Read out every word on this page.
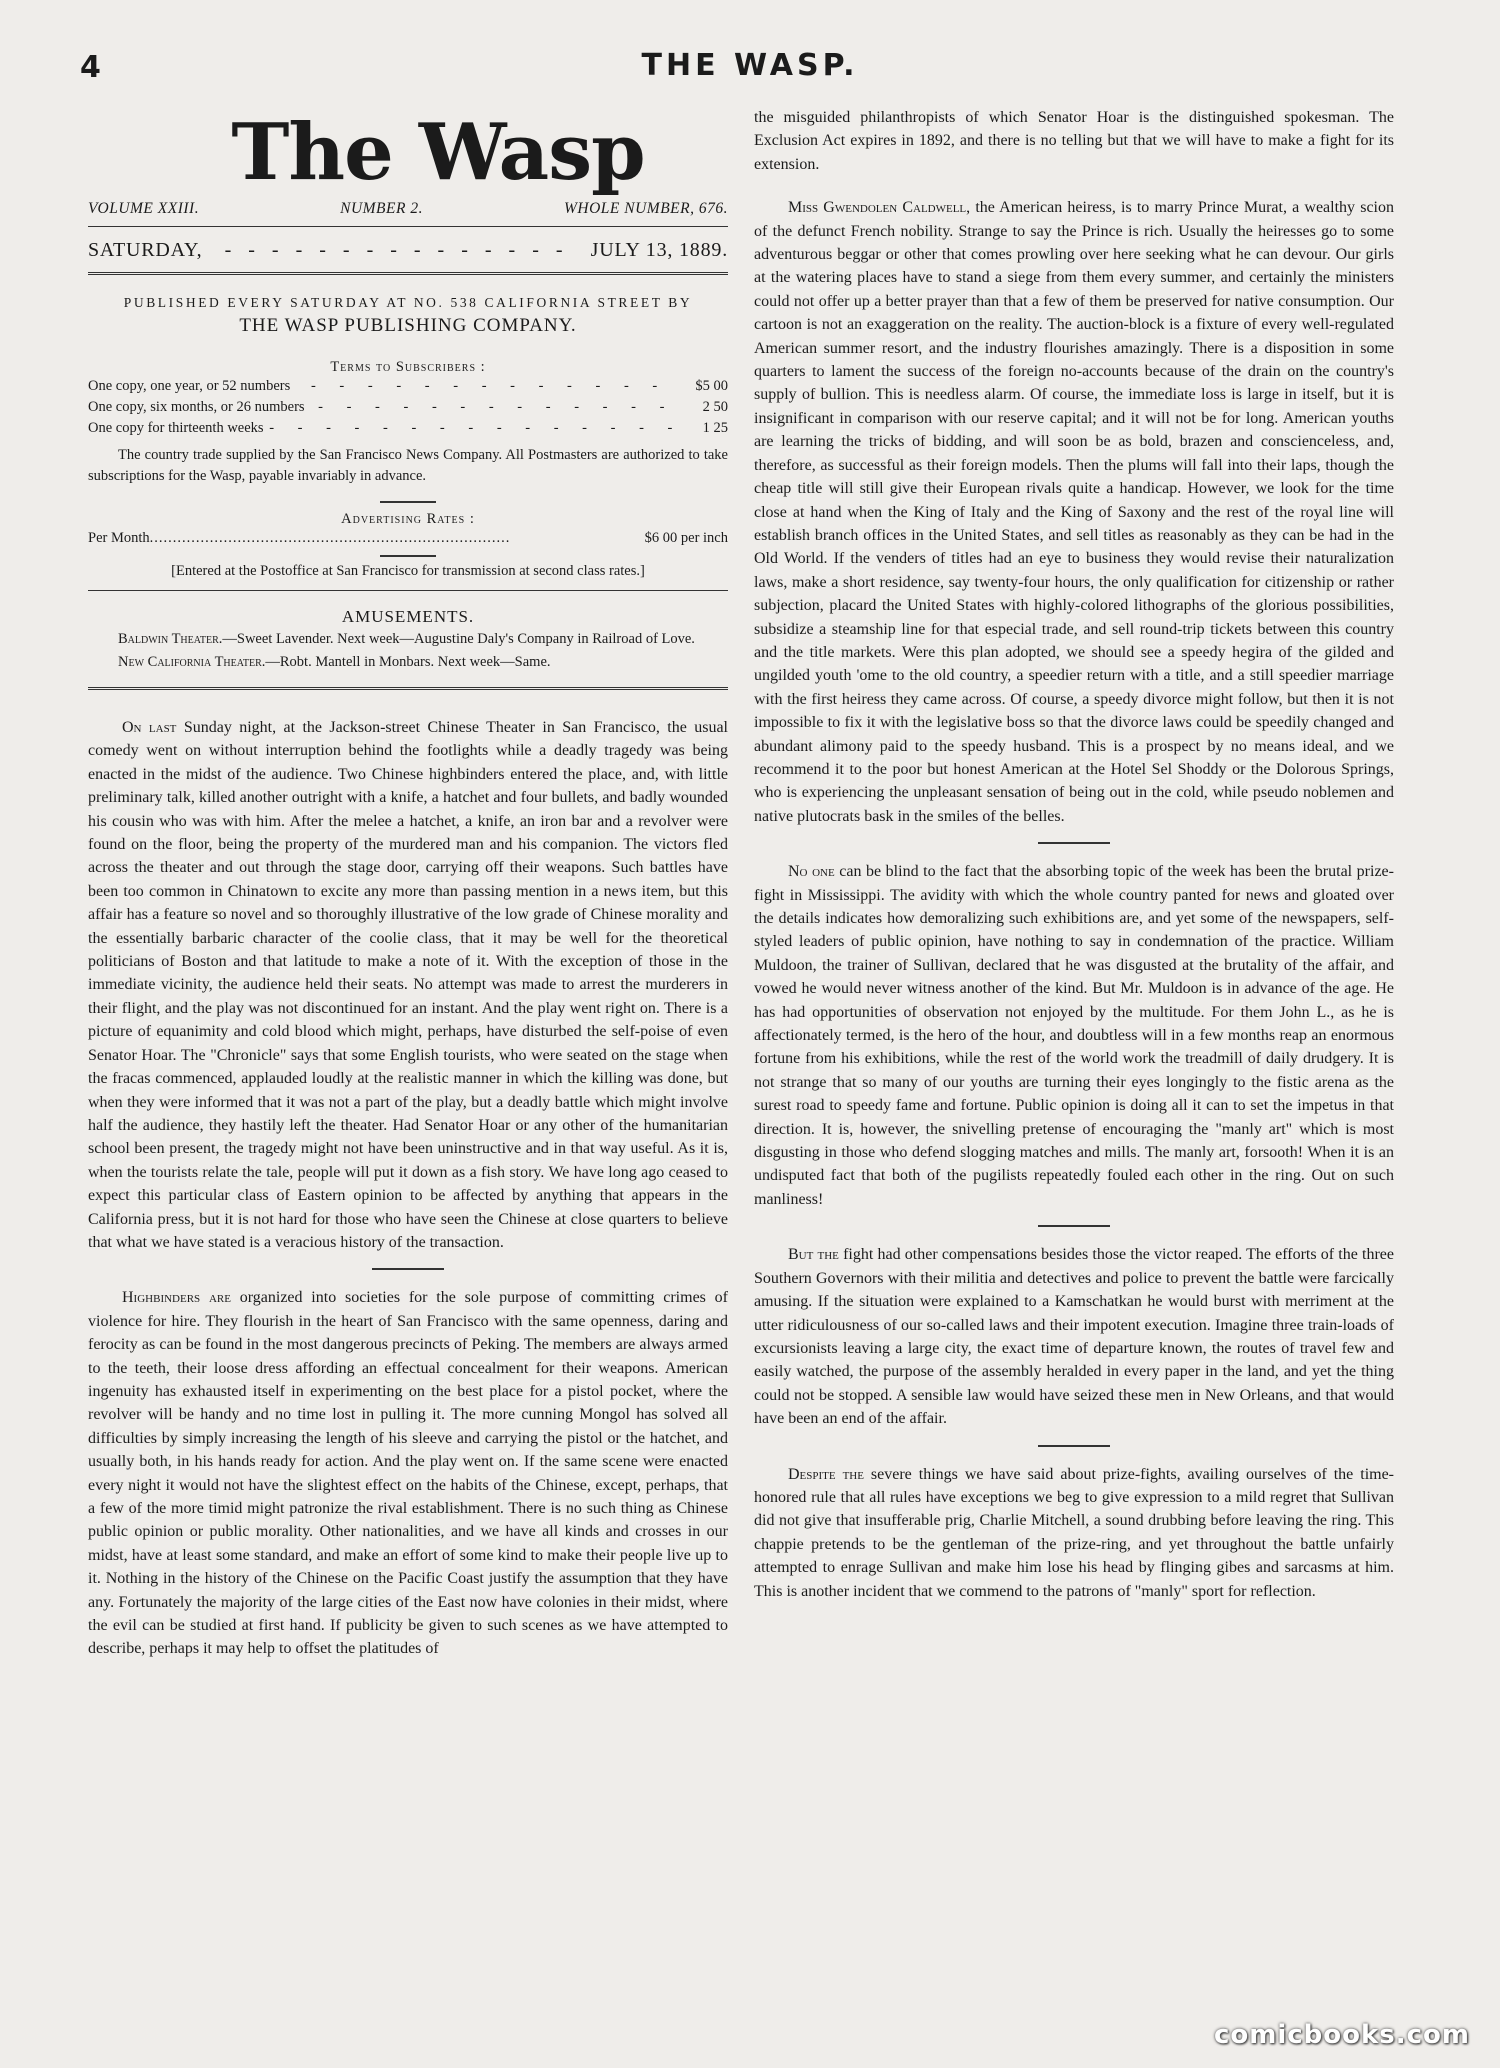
4	THE WASP.
The Wasp
VOLUME XXIII.	NUMBER 2.	WHOLE NUMBER, 676.
SATURDAY,	- - - - - - - - - - - - - - -	JULY 13, 1889.
PUBLISHED EVERY SATURDAY AT NO. 538 CALIFORNIA STREET BY
THE WASP PUBLISHING COMPANY.
Terms to Subscribers :
One copy, one year, or 52 numbers	- - - - - - - - - - - - -	$5 00
One copy, six months, or 26 numbers - - - - - - - - - - - - -	2 50
One copy for thirteenth weeks - - - - - - - - - - - - - - -	1 25

The country trade supplied by the San Francisco News Company. All Postmasters are authorized to take subscriptions for the Wasp, payable invariably in advance.

Advertising Rates :
Per Month ..............................................................................	$6 00 per inch
[Entered at the Postoffice at San Francisco for transmission at second class rates.]
AMUSEMENTS.

Baldwin Theater.—Sweet Lavender. Next week—Augustine Daly's Company in Railroad of Love.

New California Theater.—Robt. Mantell in Monbars. Next week—Same.

On last Sunday night, at the Jackson-street Chinese Theater in San Francisco, the usual comedy went on without interruption behind the footlights while a deadly tragedy was being enacted in the midst of the audience. Two Chinese highbinders entered the place, and, with little preliminary talk, killed another outright with a knife, a hatchet and four bullets, and badly wounded his cousin who was with him. After the melee a hatchet, a knife, an iron bar and a revolver were found on the floor, being the property of the murdered man and his companion. The victors fled across the theater and out through the stage door, carrying off their weapons. Such battles have been too common in Chinatown to excite any more than passing mention in a news item, but this affair has a feature so novel and so thoroughly illustrative of the low grade of Chinese morality and the essentially barbaric character of the coolie class, that it may be well for the theoretical politicians of Boston and that latitude to make a note of it. With the exception of those in the immediate vicinity, the audience held their seats. No attempt was made to arrest the murderers in their flight, and the play was not discontinued for an instant. And the play went right on. There is a picture of equanimity and cold blood which might, perhaps, have disturbed the self-poise of even Senator Hoar. The "Chronicle" says that some English tourists, who were seated on the stage when the fracas commenced, applauded loudly at the realistic manner in which the killing was done, but when they were informed that it was not a part of the play, but a deadly battle which might involve half the audience, they hastily left the theater. Had Senator Hoar or any other of the humanitarian school been present, the tragedy might not have been uninstructive and in that way useful. As it is, when the tourists relate the tale, people will put it down as a fish story. We have long ago ceased to expect this particular class of Eastern opinion to be affected by anything that appears in the California press, but it is not hard for those who have seen the Chinese at close quarters to believe that what we have stated is a veracious history of the transaction.

Highbinders are organized into societies for the sole purpose of committing crimes of violence for hire. They flourish in the heart of San Francisco with the same openness, daring and ferocity as can be found in the most dangerous precincts of Peking. The members are always armed to the teeth, their loose dress affording an effectual concealment for their weapons. American ingenuity has exhausted itself in experimenting on the best place for a pistol pocket, where the revolver will be handy and no time lost in pulling it. The more cunning Mongol has solved all difficulties by simply increasing the length of his sleeve and carrying the pistol or the hatchet, and usually both, in his hands ready for action. And the play went on. If the same scene were enacted every night it would not have the slightest effect on the habits of the Chinese, except, perhaps, that a few of the more timid might patronize the rival establishment. There is no such thing as Chinese public opinion or public morality. Other nationalities, and we have all kinds and crosses in our midst, have at least some standard, and make an effort of some kind to make their people live up to it. Nothing in the history of the Chinese on the Pacific Coast justify the assumption that they have any. Fortunately the majority of the large cities of the East now have colonies in their midst, where the evil can be studied at first hand. If publicity be given to such scenes as we have attempted to describe, perhaps it may help to offset the platitudes of

the misguided philanthropists of which Senator Hoar is the distinguished spokesman. The Exclusion Act expires in 1892, and there is no telling but that we will have to make a fight for its extension.

Miss Gwendolen Caldwell, the American heiress, is to marry Prince Murat, a wealthy scion of the defunct French nobility. Strange to say the Prince is rich. Usually the heiresses go to some adventurous beggar or other that comes prowling over here seeking what he can devour. Our girls at the watering places have to stand a siege from them every summer, and certainly the ministers could not offer up a better prayer than that a few of them be preserved for native consumption. Our cartoon is not an exaggeration on the reality. The auction-block is a fixture of every well-regulated American summer resort, and the industry flourishes amazingly. There is a disposition in some quarters to lament the success of the foreign no-accounts because of the drain on the country's supply of bullion. This is needless alarm. Of course, the immediate loss is large in itself, but it is insignificant in comparison with our reserve capital; and it will not be for long. American youths are learning the tricks of bidding, and will soon be as bold, brazen and conscienceless, and, therefore, as successful as their foreign models. Then the plums will fall into their laps, though the cheap title will still give their European rivals quite a handicap. However, we look for the time close at hand when the King of Italy and the King of Saxony and the rest of the royal line will establish branch offices in the United States, and sell titles as reasonably as they can be had in the Old World. If the venders of titles had an eye to business they would revise their naturalization laws, make a short residence, say twenty-four hours, the only qualification for citizenship or rather subjection, placard the United States with highly-colored lithographs of the glorious possibilities, subsidize a steamship line for that especial trade, and sell round-trip tickets between this country and the title markets. Were this plan adopted, we should see a speedy hegira of the gilded and ungilded youth 'ome to the old country, a speedier return with a title, and a still speedier marriage with the first heiress they came across. Of course, a speedy divorce might follow, but then it is not impossible to fix it with the legislative boss so that the divorce laws could be speedily changed and abundant alimony paid to the speedy husband. This is a prospect by no means ideal, and we recommend it to the poor but honest American at the Hotel Sel Shoddy or the Dolorous Springs, who is experiencing the unpleasant sensation of being out in the cold, while pseudo noblemen and native plutocrats bask in the smiles of the belles.

No one can be blind to the fact that the absorbing topic of the week has been the brutal prize-fight in Mississippi. The avidity with which the whole country panted for news and gloated over the details indicates how demoralizing such exhibitions are, and yet some of the newspapers, self-styled leaders of public opinion, have nothing to say in condemnation of the practice. William Muldoon, the trainer of Sullivan, declared that he was disgusted at the brutality of the affair, and vowed he would never witness another of the kind. But Mr. Muldoon is in advance of the age. He has had opportunities of observation not enjoyed by the multitude. For them John L., as he is affectionately termed, is the hero of the hour, and doubtless will in a few months reap an enormous fortune from his exhibitions, while the rest of the world work the treadmill of daily drudgery. It is not strange that so many of our youths are turning their eyes longingly to the fistic arena as the surest road to speedy fame and fortune. Public opinion is doing all it can to set the impetus in that direction. It is, however, the snivelling pretense of encouraging the "manly art" which is most disgusting in those who defend slogging matches and mills. The manly art, forsooth! When it is an undisputed fact that both of the pugilists repeatedly fouled each other in the ring. Out on such manliness!

But the fight had other compensations besides those the victor reaped. The efforts of the three Southern Governors with their militia and detectives and police to prevent the battle were farcically amusing. If the situation were explained to a Kamschatkan he would burst with merriment at the utter ridiculousness of our so-called laws and their impotent execution. Imagine three train-loads of excursionists leaving a large city, the exact time of departure known, the routes of travel few and easily watched, the purpose of the assembly heralded in every paper in the land, and yet the thing could not be stopped. A sensible law would have seized these men in New Orleans, and that would have been an end of the affair.

Despite the severe things we have said about prize-fights, availing ourselves of the time-honored rule that all rules have exceptions we beg to give expression to a mild regret that Sullivan did not give that insufferable prig, Charlie Mitchell, a sound drubbing before leaving the ring. This chappie pretends to be the gentleman of the prize-ring, and yet throughout the battle unfairly attempted to enrage Sullivan and make him lose his head by flinging gibes and sarcasms at him. This is another incident that we commend to the patrons of "manly" sport for reflection.

comicbooks.com
